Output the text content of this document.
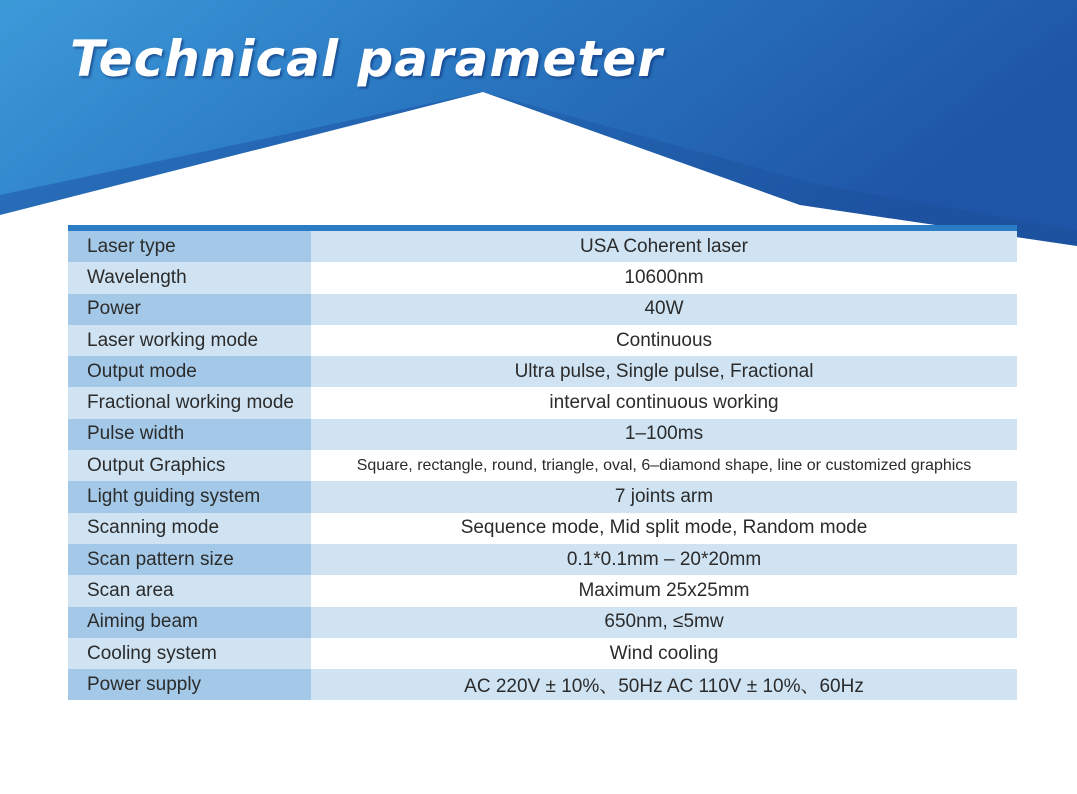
Technical parameter
Laser type	USA Coherent laser
Wavelength	10600nm
Power	40W
Laser working mode	Continuous
Output mode	Ultra pulse, Single pulse, Fractional
Fractional working mode	interval continuous working
Pulse width	1–100ms
Output Graphics	Square, rectangle, round, triangle, oval, 6–diamond shape, line or customized graphics
Light guiding system	7 joints arm
Scanning mode	Sequence mode, Mid split mode, Random mode
Scan pattern size	0.1*0.1mm – 20*20mm
Scan area	Maximum 25x25mm
Aiming beam	650nm, ≤5mw
Cooling system	Wind cooling
Power supply	AC 220V ± 10%、50Hz AC 110V ± 10%、60Hz
